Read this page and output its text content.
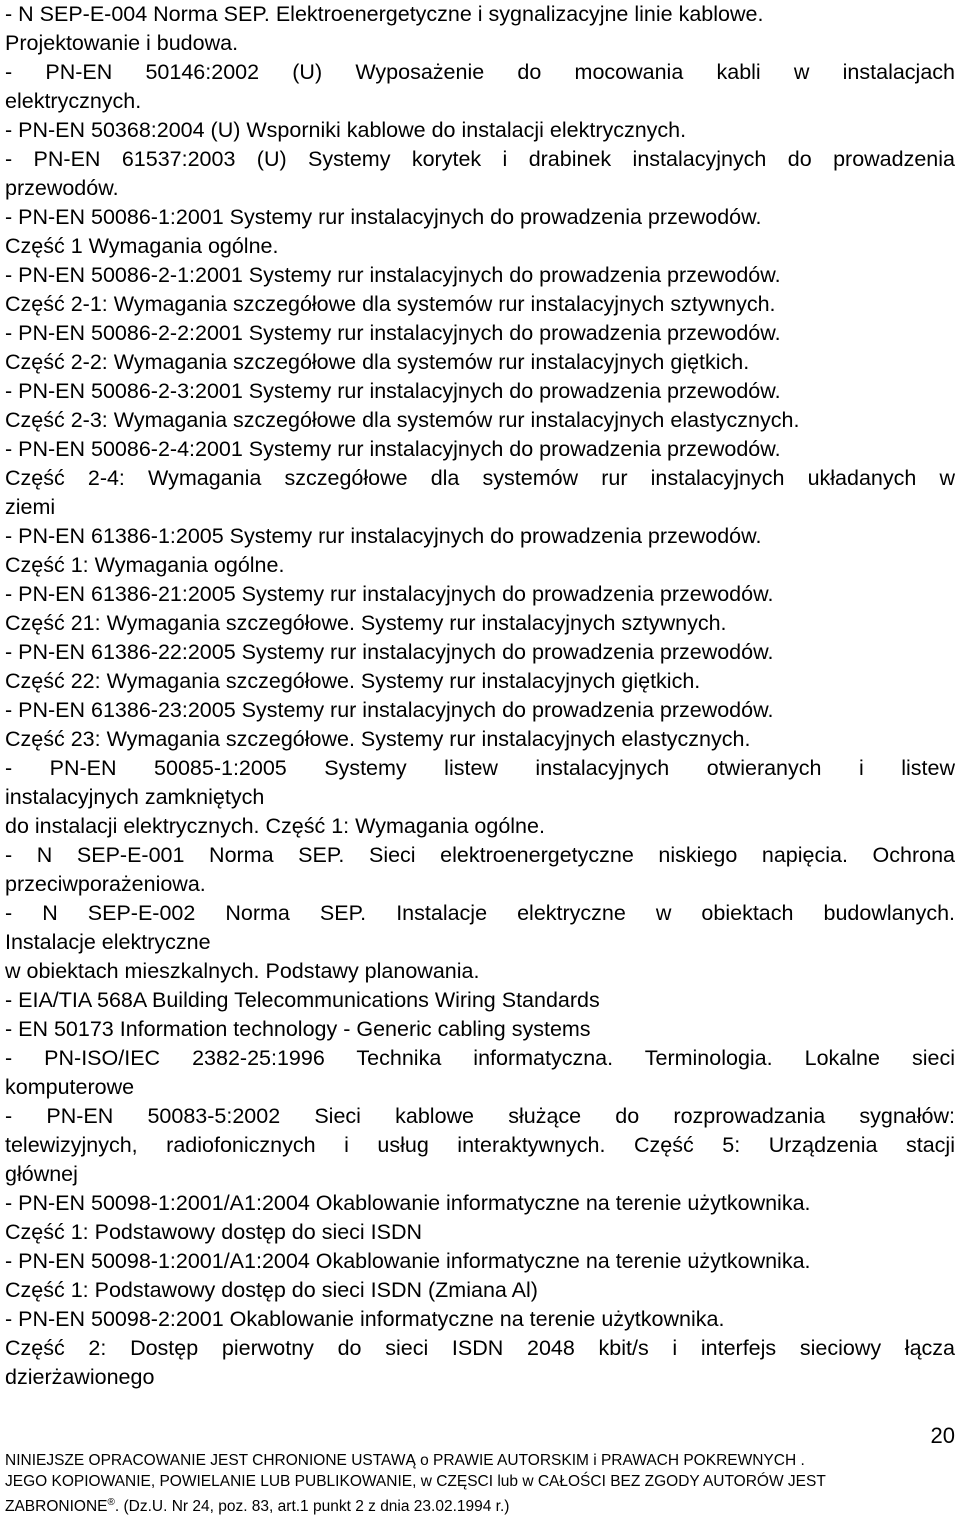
- N SEP-E-004 Norma SEP. Elektroenergetyczne i sygnalizacyjne linie kablowe.
Projektowanie i budowa.
- PN-EN 50146:2002 (U) Wyposażenie do mocowania kabli w instalacjach
elektrycznych.
- PN-EN 50368:2004 (U) Wsporniki kablowe do instalacji elektrycznych.
- PN-EN 61537:2003 (U) Systemy korytek i drabinek instalacyjnych do prowadzenia
przewodów.
- PN-EN 50086-1:2001 Systemy rur instalacyjnych do prowadzenia przewodów.
Część 1 Wymagania ogólne.
- PN-EN 50086-2-1:2001 Systemy rur instalacyjnych do prowadzenia przewodów.
Część 2-1: Wymagania szczegółowe dla systemów rur instalacyjnych sztywnych.
- PN-EN 50086-2-2:2001 Systemy rur instalacyjnych do prowadzenia przewodów.
Część 2-2: Wymagania szczegółowe dla systemów rur instalacyjnych giętkich.
- PN-EN 50086-2-3:2001 Systemy rur instalacyjnych do prowadzenia przewodów.
Część 2-3: Wymagania szczegółowe dla systemów rur instalacyjnych elastycznych.
- PN-EN 50086-2-4:2001 Systemy rur instalacyjnych do prowadzenia przewodów.
Część 2-4: Wymagania szczegółowe dla systemów rur instalacyjnych układanych w
ziemi
- PN-EN 61386-1:2005 Systemy rur instalacyjnych do prowadzenia przewodów.
Część 1: Wymagania ogólne.
- PN-EN 61386-21:2005 Systemy rur instalacyjnych do prowadzenia przewodów.
Część 21: Wymagania szczegółowe. Systemy rur instalacyjnych sztywnych.
- PN-EN 61386-22:2005 Systemy rur instalacyjnych do prowadzenia przewodów.
Część 22: Wymagania szczegółowe. Systemy rur instalacyjnych giętkich.
- PN-EN 61386-23:2005 Systemy rur instalacyjnych do prowadzenia przewodów.
Część 23: Wymagania szczegółowe. Systemy rur instalacyjnych elastycznych.
- PN-EN 50085-1:2005 Systemy listew instalacyjnych otwieranych i listew
instalacyjnych zamkniętych
do instalacji elektrycznych. Część 1: Wymagania ogólne.
- N SEP-E-001 Norma SEP. Sieci elektroenergetyczne niskiego napięcia. Ochrona
przeciwporażeniowa.
- N SEP-E-002 Norma SEP. Instalacje elektryczne w obiektach budowlanych.
Instalacje elektryczne
w obiektach mieszkalnych. Podstawy planowania.
- EIA/TIA 568A Building Telecommunications Wiring Standards
- EN 50173 Information technology - Generic cabling systems
- PN-ISO/IEC 2382-25:1996 Technika informatyczna. Terminologia. Lokalne sieci
komputerowe
- PN-EN 50083-5:2002 Sieci kablowe służące do rozprowadzania sygnałów:
telewizyjnych, radiofonicznych i usług interaktywnych. Część 5: Urządzenia stacji
głównej
- PN-EN 50098-1:2001/A1:2004 Okablowanie informatyczne na terenie użytkownika.
Część 1: Podstawowy dostęp do sieci ISDN
- PN-EN 50098-1:2001/A1:2004 Okablowanie informatyczne na terenie użytkownika.
Część 1: Podstawowy dostęp do sieci ISDN (Zmiana Al)
- PN-EN 50098-2:2001 Okablowanie informatyczne na terenie użytkownika.
Część 2: Dostęp pierwotny do sieci ISDN 2048 kbit/s i interfejs sieciowy łącza
dzierżawionego
20
NINIEJSZE OPRACOWANIE JEST CHRONIONE USTAWĄ o PRAWIE AUTORSKIM i PRAWACH POKREWNYCH .
JEGO KOPIOWANIE, POWIELANIE LUB PUBLIKOWANIE, w CZĘSCI lub w CAŁOŚCI BEZ ZGODY AUTORÓW JEST
ZABRONIONE®. (Dz.U. Nr 24, poz. 83, art.1 punkt 2 z dnia 23.02.1994 r.)
